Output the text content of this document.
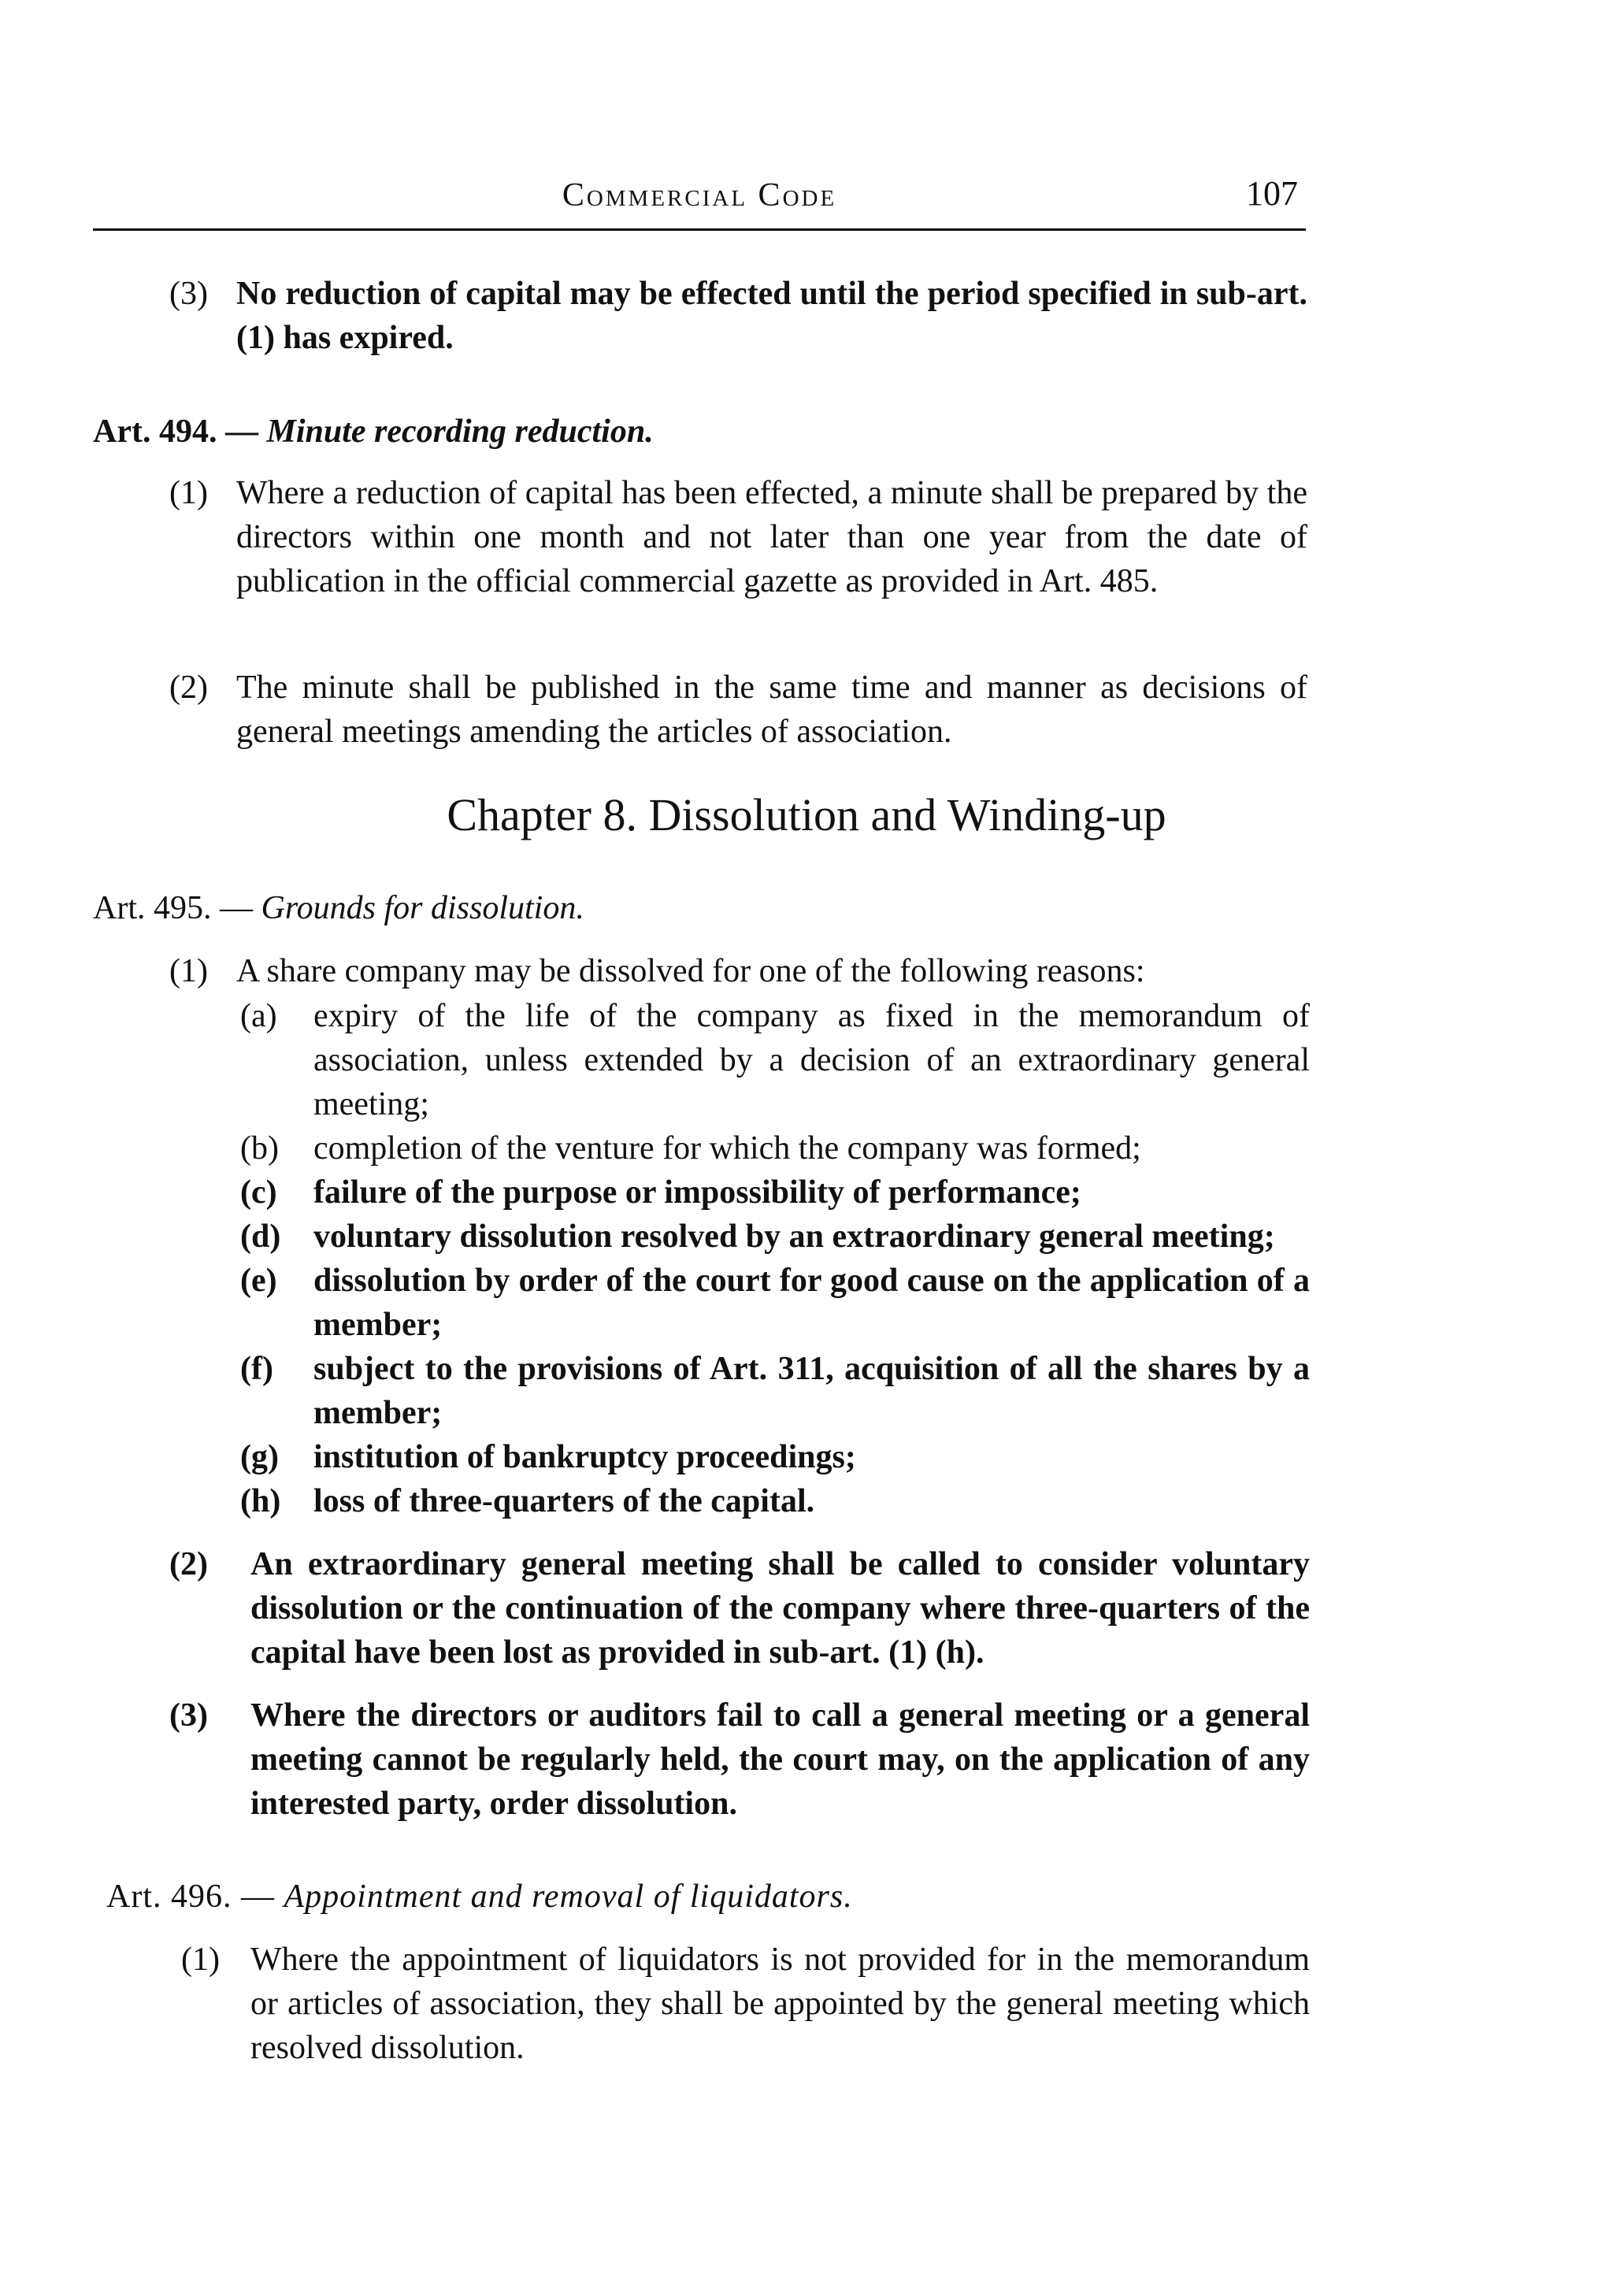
Commercial Code	107
(3) No reduction of capital may be effected until the period specified in sub-art. (1) has expired.
Art. 494. — Minute recording reduction.
(1) Where a reduction of capital has been effected, a minute shall be prepared by the directors within one month and not later than one year from the date of publication in the official commercial gazette as provided in Art. 485.
(2) The minute shall be published in the same time and manner as decisions of general meetings amending the articles of association.
Chapter 8. Dissolution and Winding-up
Art. 495. — Grounds for dissolution.
(1) A share company may be dissolved for one of the following reasons:
(a) expiry of the life of the company as fixed in the memorandum of association, unless extended by a decision of an extraordinary general meeting;
(b) completion of the venture for which the company was formed;
(c) failure of the purpose or impossibility of performance;
(d) voluntary dissolution resolved by an extraordinary general meeting;
(e) dissolution by order of the court for good cause on the application of a member;
(f) subject to the provisions of Art. 311, acquisition of all the shares by a member;
(g) institution of bankruptcy proceedings;
(h) loss of three-quarters of the capital.
(2) An extraordinary general meeting shall be called to consider voluntary dissolution or the continuation of the company where three-quarters of the capital have been lost as provided in sub-art. (1) (h).
(3) Where the directors or auditors fail to call a general meeting or a general meeting cannot be regularly held, the court may, on the application of any interested party, order dissolution.
Art. 496. — Appointment and removal of liquidators.
(1) Where the appointment of liquidators is not provided for in the memorandum or articles of association, they shall be appointed by the general meeting which resolved dissolution.
